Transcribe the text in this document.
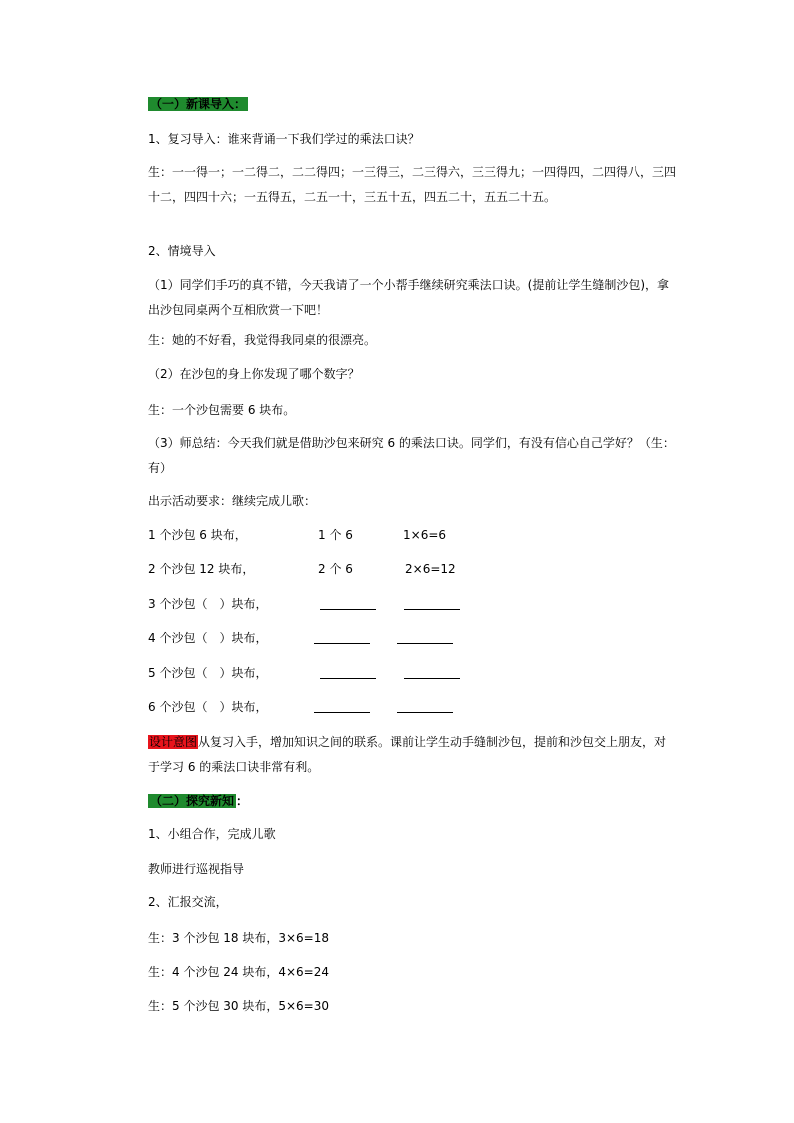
（一）新课导入：
1、复习导入：谁来背诵一下我们学过的乘法口诀？
生：一一得一；一二得二，二二得四；一三得三，二三得六，三三得九；一四得四，二四得八，三四十二，四四十六；一五得五，二五一十，三五十五，四五二十，五五二十五。
2、情境导入
（1）同学们手巧的真不错，今天我请了一个小帮手继续研究乘法口诀。(提前让学生缝制沙包)，拿出沙包同桌两个互相欣赏一下吧！
生：她的不好看，我觉得我同桌的很漂亮。
（2）在沙包的身上你发现了哪个数字？
生：一个沙包需要 6 块布。
（3）师总结：今天我们就是借助沙包来研究 6 的乘法口诀。同学们，有没有信心自己学好？（生：有）
出示活动要求：继续完成儿歌：
1 个沙包 6 块布，	1 个 6	1×6=6
2 个沙包 12 块布，	2 个 6	2×6=12
3 个沙包（　）块布，
4 个沙包（　）块布，
5 个沙包（　）块布，
6 个沙包（　）块布，
设计意图从复习入手，增加知识之间的联系。课前让学生动手缝制沙包，提前和沙包交上朋友，对于学习 6 的乘法口诀非常有利。
（二）探究新知 ：
1、小组合作，完成儿歌
教师进行巡视指导
2、汇报交流，
生：3 个沙包 18 块布，3×6=18
生：4 个沙包 24 块布，4×6=24
生：5 个沙包 30 块布，5×6=30
